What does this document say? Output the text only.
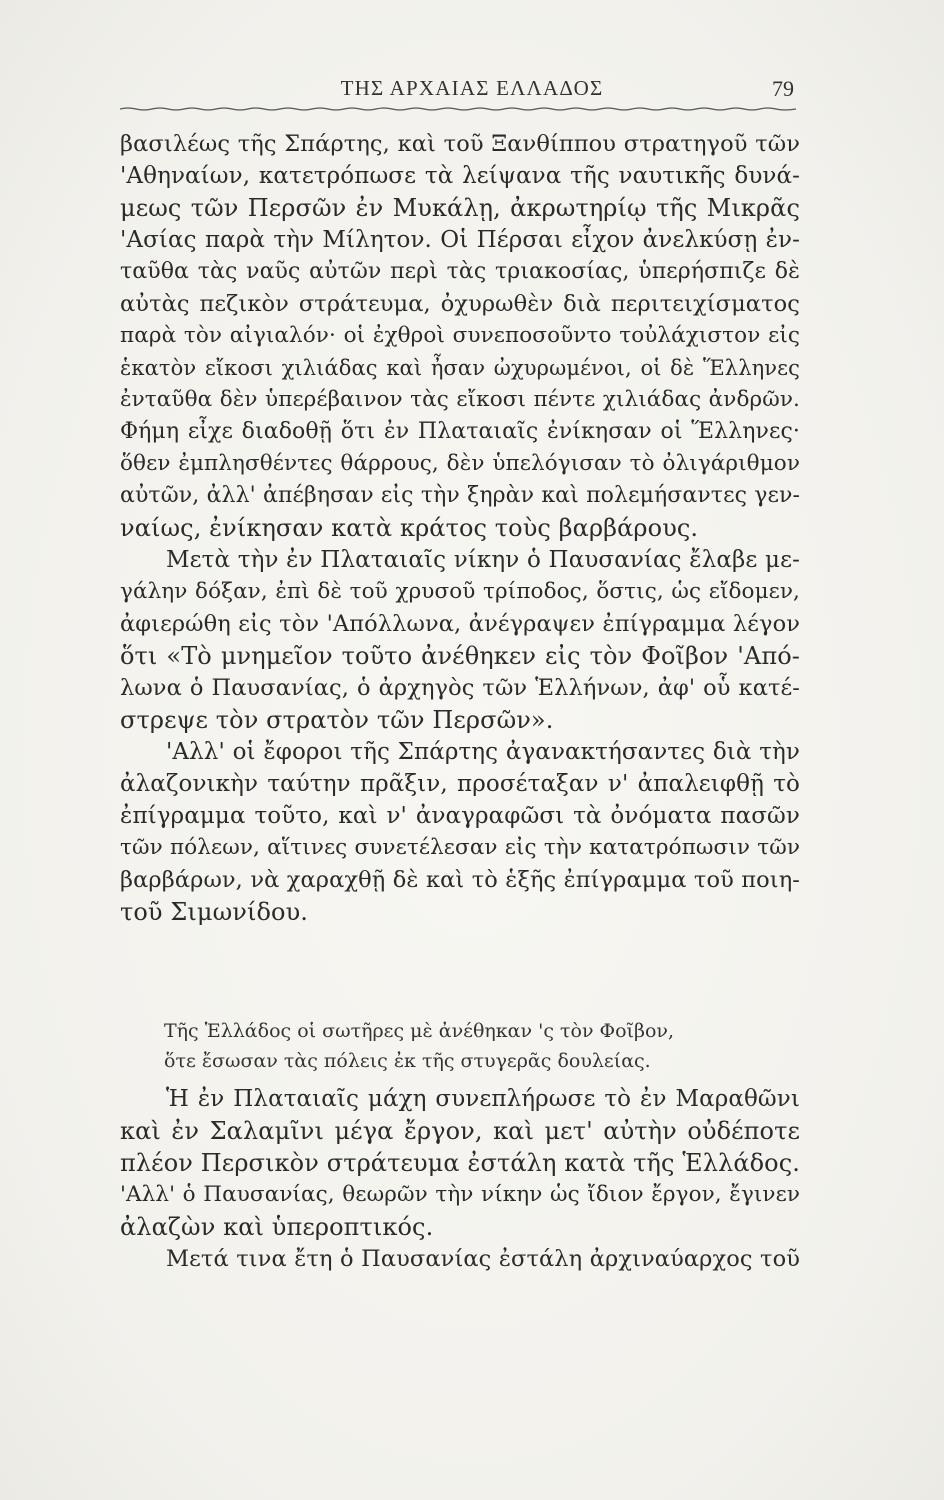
ΤΗΣ ΑΡΧΑΙΑΣ ΕΛΛΑΔΟΣ	79
βασιλέως τῆς Σπάρτης, καὶ τοῦ Ξανθίππου στρατηγοῦ τῶν
'Αθηναίων, κατετρόπωσε τὰ λείψανα τῆς ναυτικῆς δυνά-
μεως τῶν Περσῶν ἐν Μυκάλῃ, ἀκρωτηρίῳ τῆς Μικρᾶς
'Ασίας παρὰ τὴν Μίλητον. Οἱ Πέρσαι εἶχον ἀνελκύσῃ ἐν-
ταῦθα τὰς ναῦς αὐτῶν περὶ τὰς τριακοσίας, ὑπερήσπιζε δὲ
αὐτὰς πεζικὸν στράτευμα, ὀχυρωθὲν διὰ περιτειχίσματος
παρὰ τὸν αἰγιαλόν· οἱ ἐχθροὶ συνεποσοῦντο τοὐλάχιστον εἰς
ἑκατὸν εἴκοσι χιλιάδας καὶ ἦσαν ὠχυρωμένοι, οἱ δὲ Ἕλληνες
ἐνταῦθα δὲν ὑπερέβαινον τὰς εἴκοσι πέντε χιλιάδας ἀνδρῶν.
Φήμη εἶχε διαδοθῇ ὅτι ἐν Πλαταιαῖς ἐνίκησαν οἱ Ἕλληνες·
ὅθεν ἐμπλησθέντες θάρρους, δὲν ὑπελόγισαν τὸ ὀλιγάριθμον
αὐτῶν, ἀλλ' ἀπέβησαν εἰς τὴν ξηρὰν καὶ πολεμήσαντες γεν-
ναίως, ἐνίκησαν κατὰ κράτος τοὺς βαρβάρους.
Μετὰ τὴν ἐν Πλαταιαῖς νίκην ὁ Παυσανίας ἔλαβε με-
γάλην δόξαν, ἐπὶ δὲ τοῦ χρυσοῦ τρίποδος, ὅστις, ὡς εἴδομεν,
ἀφιερώθη εἰς τὸν 'Απόλλωνα, ἀνέγραψεν ἐπίγραμμα λέγον
ὅτι «Τὸ μνημεῖον τοῦτο ἀνέθηκεν εἰς τὸν Φοῖβον 'Από-
λωνα ὁ Παυσανίας, ὁ ἀρχηγὸς τῶν Ἑλλήνων, ἀφ' οὗ κατέ-
στρεψε τὸν στρατὸν τῶν Περσῶν».
'Αλλ' οἱ ἔφοροι τῆς Σπάρτης ἀγανακτήσαντες διὰ τὴν
ἀλαζονικὴν ταύτην πρᾶξιν, προσέταξαν ν' ἀπαλειφθῇ τὸ
ἐπίγραμμα τοῦτο, καὶ ν' ἀναγραφῶσι τὰ ὀνόματα πασῶν
τῶν πόλεων, αἵτινες συνετέλεσαν εἰς τὴν κατατρόπωσιν τῶν
βαρβάρων, νὰ χαραχθῇ δὲ καὶ τὸ ἑξῆς ἐπίγραμμα τοῦ ποιη-
τοῦ Σιμωνίδου.
Τῆς Ἑλλάδος οἱ σωτῆρες μὲ ἀνέθηκαν 'ς τὸν Φοῖβον,
ὅτε ἔσωσαν τὰς πόλεις ἐκ τῆς στυγερᾶς δουλείας.
Ἡ ἐν Πλαταιαῖς μάχη συνεπλήρωσε τὸ ἐν Μαραθῶνι
καὶ ἐν Σαλαμῖνι μέγα ἔργον, καὶ μετ' αὐτὴν οὐδέποτε
πλέον Περσικὸν στράτευμα ἐστάλη κατὰ τῆς Ἑλλάδος.
'Αλλ' ὁ Παυσανίας, θεωρῶν τὴν νίκην ὡς ἴδιον ἔργον, ἔγινεν
ἀλαζὼν καὶ ὑπεροπτικός.
Μετά τινα ἔτη ὁ Παυσανίας ἐστάλη ἀρχιναύαρχος τοῦ
